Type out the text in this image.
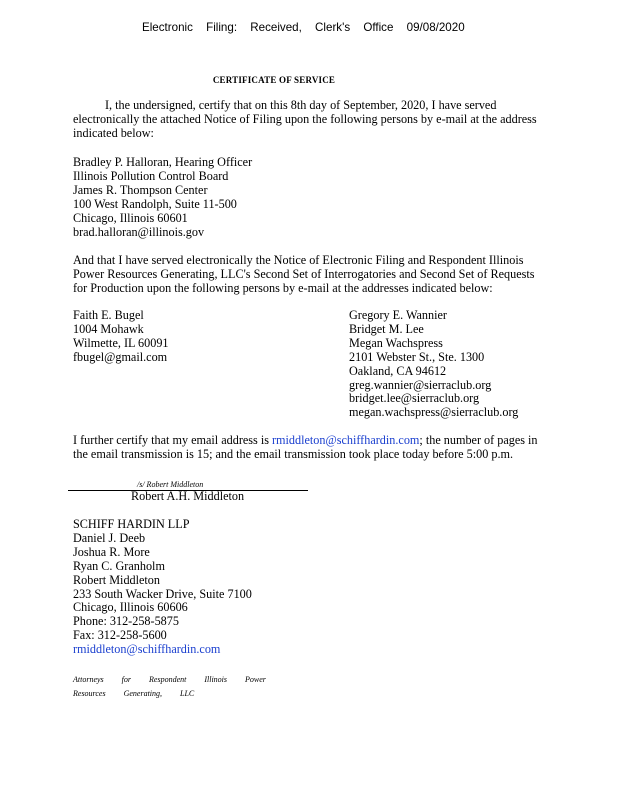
Electronic Filing: Received, Clerk's Office 09/08/2020
CERTIFICATE OF SERVICE
I, the undersigned, certify that on this 8th day of September, 2020, I have served
electronically the attached Notice of Filing upon the following persons by e-mail at the address
indicated below:
Bradley P. Halloran, Hearing Officer
Illinois Pollution Control Board
James R. Thompson Center
100 West Randolph, Suite 11-500
Chicago, Illinois 60601
brad.halloran@illinois.gov
And that I have served electronically the Notice of Electronic Filing and Respondent Illinois
Power Resources Generating, LLC's Second Set of Interrogatories and Second Set of Requests
for Production upon the following persons by e-mail at the addresses indicated below:
Faith E. Bugel
1004 Mohawk
Wilmette, IL 60091
fbugel@gmail.com
Gregory E. Wannier
Bridget M. Lee
Megan Wachspress
2101 Webster St., Ste. 1300
Oakland, CA 94612
greg.wannier@sierraclub.org
bridget.lee@sierraclub.org
megan.wachspress@sierraclub.org
I further certify that my email address is rmiddleton@schiffhardin.com; the number of pages in
the email transmission is 15; and the email transmission took place today before 5:00 p.m.
/s/ Robert Middleton
Robert A.H. Middleton
SCHIFF HARDIN LLP
Daniel J. Deeb
Joshua R. More
Ryan C. Granholm
Robert Middleton
233 South Wacker Drive, Suite 7100
Chicago, Illinois 60606
Phone: 312-258-5875
Fax: 312-258-5600
rmiddleton@schiffhardin.com
Attorneys for Respondent Illinois Power
Resources Generating, LLC
